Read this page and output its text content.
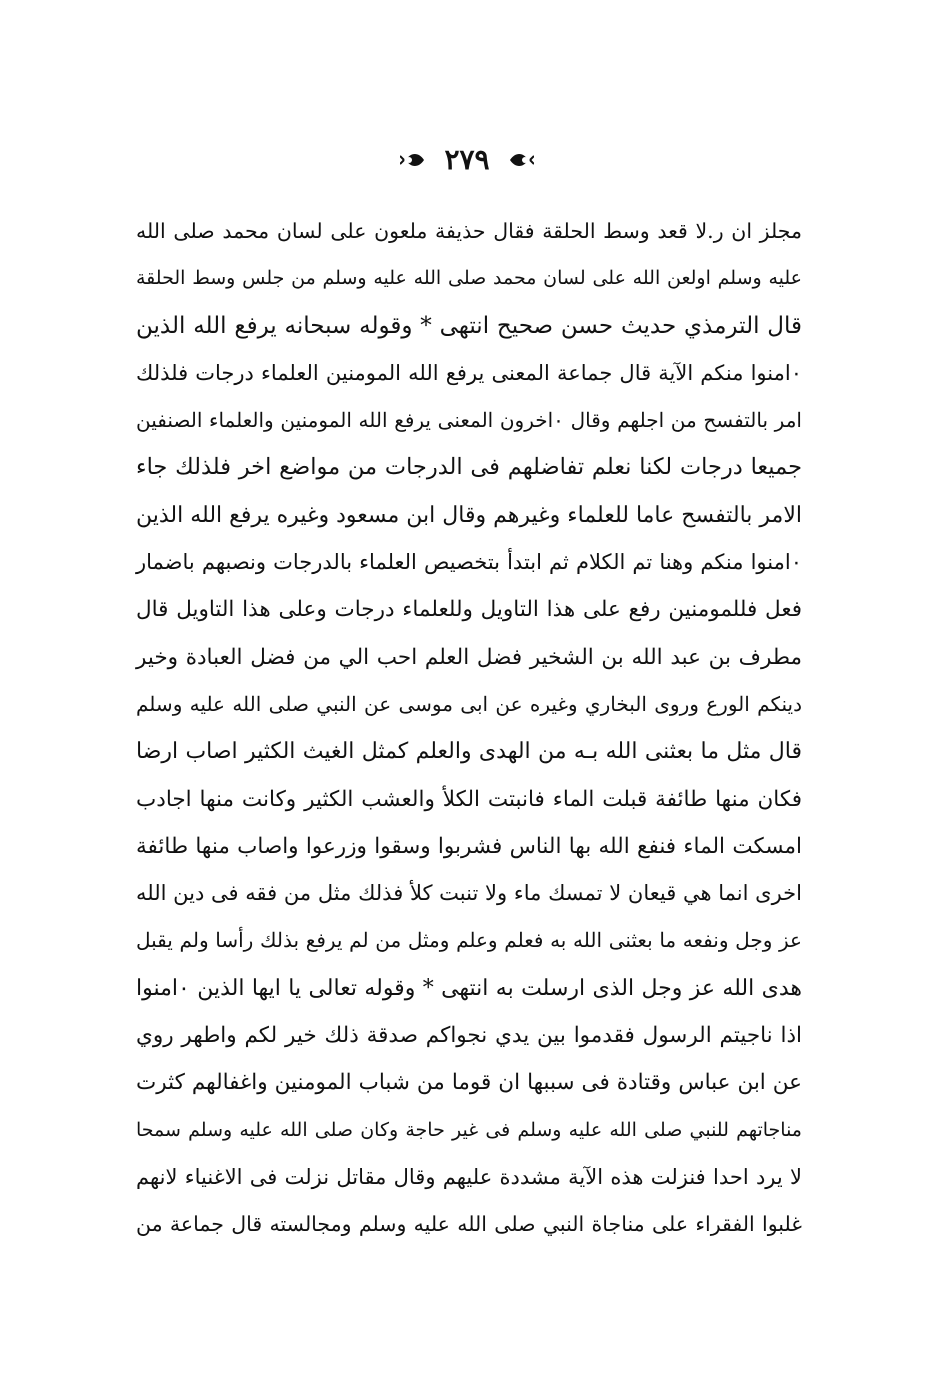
٢٧٩
مجلز ان ر.لا قعد وسط الحلقة فقال حذيفة ملعون على لسان محمد صلى الله
عليه وسلم اولعن الله على لسان محمد صلى الله عليه وسلم من جلس وسط الحلقة
قال الترمذي حديث حسن صحيح انتهى * وقوله سبحانه يرفع الله الذين
٠امنوا منكم الآية قال جماعة المعنى يرفع الله المومنين العلماء درجات فلذلك
امر بالتفسح من اجلهم وقال ٠اخرون المعنى يرفع الله المومنين والعلماء الصنفين
جميعا درجات لكنا نعلم تفاضلهم فى الدرجات من مواضع اخر فلذلك جاء
الامر بالتفسح عاما للعلماء وغيرهم وقال ابن مسعود وغيره يرفع الله الذين
٠امنوا منكم وهنا تم الكلام ثم ابتدأ بتخصيص العلماء بالدرجات ونصبهم باضمار
فعل فللمومنين رفع على هذا التاويل وللعلماء درجات وعلى هذا التاويل قال
مطرف بن عبد الله بن الشخير فضل العلم احب الي من فضل العبادة وخير
دينكم الورع وروى البخاري وغيره عن ابى موسى عن النبي صلى الله عليه وسلم
قال مثل ما بعثنى الله بـه من الهدى والعلم كمثل الغيث الكثير اصاب ارضا
فكان منها طائفة قبلت الماء فانبتت الكلأ والعشب الكثير وكانت منها اجادب
امسكت الماء فنفع الله بها الناس فشربوا وسقوا وزرعوا واصاب منها طائفة
اخرى انما هي قيعان لا تمسك ماء ولا تنبت كلأ فذلك مثل من فقه فى دين الله
عز وجل ونفعه ما بعثنى الله به فعلم وعلم ومثل من لم يرفع بذلك رأسا ولم يقبل
هدى الله عز وجل الذى ارسلت به انتهى * وقوله تعالى يا ايها الذين ٠امنوا
اذا ناجيتم الرسول فقدموا بين يدي نجواكم صدقة ذلك خير لكم واطهر روي
عن ابن عباس وقتادة فى سببها ان قوما من شباب المومنين واغفالهم كثرت
مناجاتهم للنبي صلى الله عليه وسلم فى غير حاجة وكان صلى الله عليه وسلم سمحا
لا يرد احدا فنزلت هذه الآية مشددة عليهم وقال مقاتل نزلت فى الاغنياء لانهم
غلبوا الفقراء على مناجاة النبي صلى الله عليه وسلم ومجالسته قال جماعة من
